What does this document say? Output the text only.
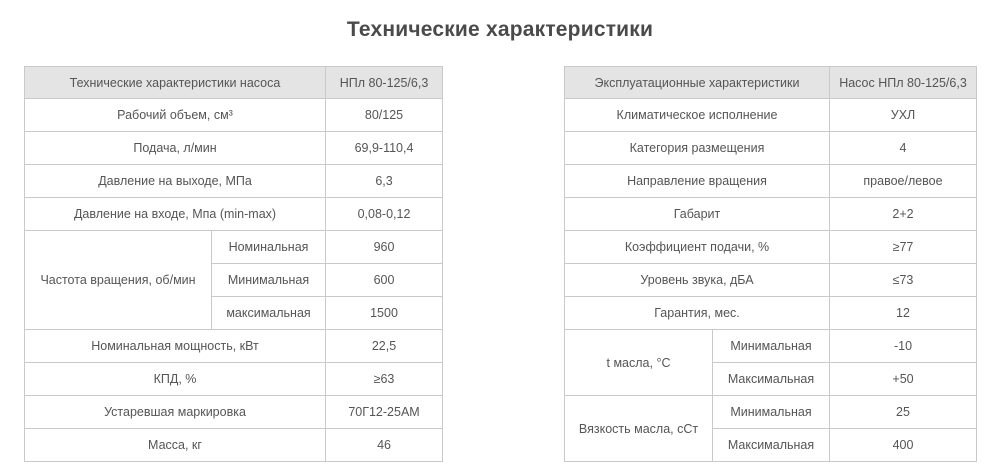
Технические характеристики
Технические характеристики насоса		НПл 80-125/6,3
Рабочий объем, см³		80/125
Подача, л/мин		69,9-110,4
Давление на выходе, МПа		6,3
Давление на входе, Мпа (min-max)		0,08-0,12
Частота вращения, об/мин	Номинальная	960
	Минимальная	600
	максимальная	1500
Номинальная мощность, кВт		22,5
КПД, %		≥63
Устаревшая маркировка		70Г12-25АМ
Масса, кг		46
Эксплуатационные характеристики		Насос НПл 80-125/6,3
Климатическое исполнение		УХЛ
Категория размещения		4
Направление вращения		правое/левое
Габарит		2+2
Коэффициент подачи, %		≥77
Уровень звука, дБА		≤73
Гарантия, мес.		12
t масла, °С	Минимальная	-10
	Максимальная	+50
Вязкость масла, сСт	Минимальная	25
	Максимальная	400
